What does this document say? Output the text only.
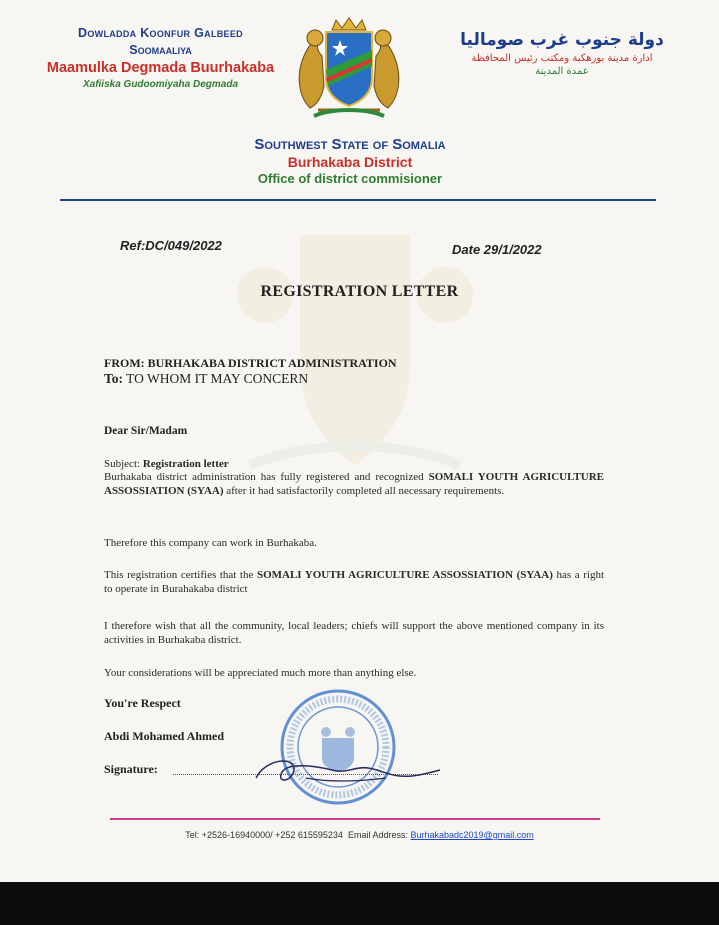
Dowladda Koonfur Galbeed
Soomaaliya
Maamulka Degmada Buurhakaba
Xafiiska Gudoomiyaha Degmada
دولة جنوب غرب صوماليا
ادارة مدينة بورهكبة ومكتب رئيس المحافظة
عمدة المدينة
Southwest State of Somalia
Burhakaba District
Office of district commisioner
Ref:DC/049/2022	Date 29/1/2022
REGISTRATION LETTER
FROM: BURHAKABA DISTRICT ADMINISTRATION
To: TO WHOM IT MAY CONCERN
Dear Sir/Madam
Subject: Registration letter
Burhakaba district administration has fully registered and recognized SOMALI YOUTH AGRICULTURE ASSOSSIATION (SYAA) after it had satisfactorily completed all necessary requirements.
Therefore this company can work in Burhakaba.
This registration certifies that the SOMALI YOUTH AGRICULTURE ASSOSSIATION (SYAA) has a right to operate in Burahakaba district
I therefore wish that all the community, local leaders; chiefs will support the above mentioned company in its activities in Burhakaba district.
Your considerations will be appreciated much more than anything else.
You're Respect
Abdi Mohamed Ahmed
Signature:
Tel: +2526-16940000/ +252 615595234 Email Address: Burhakabadc2019@gmail.com
